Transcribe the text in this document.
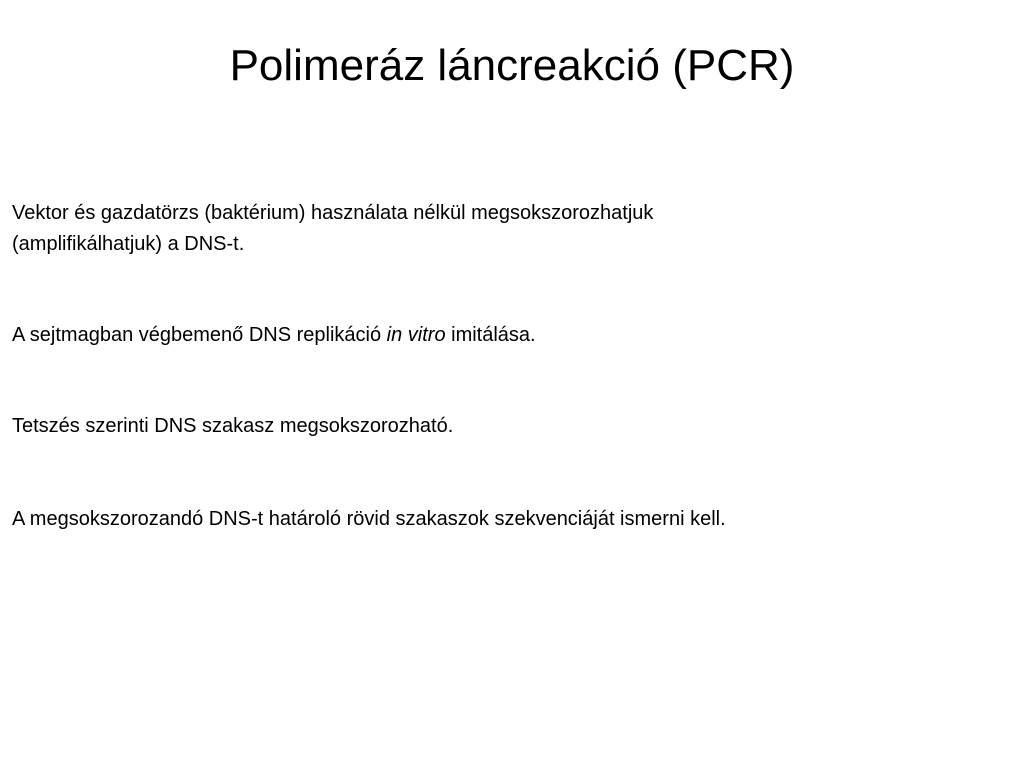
Polimeráz láncreakció (PCR)

Vektor és gazdatörzs (baktérium) használata nélkül megsokszorozhatjuk
(amplifikálhatjuk) a DNS-t.

A sejtmagban végbemenő DNS replikáció in vitro imitálása.

Tetszés szerinti DNS szakasz megsokszorozható.

A megsokszorozandó DNS-t határoló rövid szakaszok szekvenciáját ismerni kell.
